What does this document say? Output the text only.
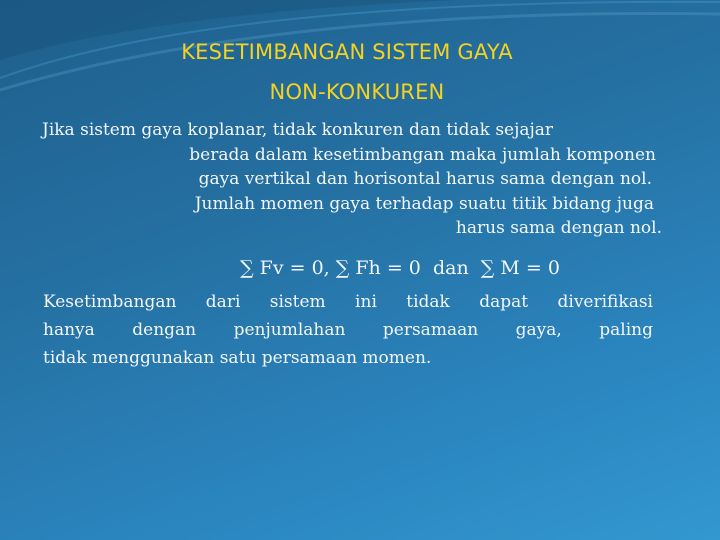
KESETIMBANGAN SISTEM GAYA
NON-KONKUREN
Jika sistem gaya koplanar, tidak konkuren dan tidak sejajar
berada dalam kesetimbangan maka jumlah komponen
gaya vertikal dan horisontal harus sama dengan nol.
Jumlah momen gaya terhadap suatu titik bidang juga
harus sama dengan nol.
∑ Fv = 0, ∑ Fh = 0  dan  ∑ M = 0
Kesetimbangan dari sistem ini tidak dapat diverifikasi
hanya dengan penjumlahan persamaan gaya, paling
tidak menggunakan satu persamaan momen.
